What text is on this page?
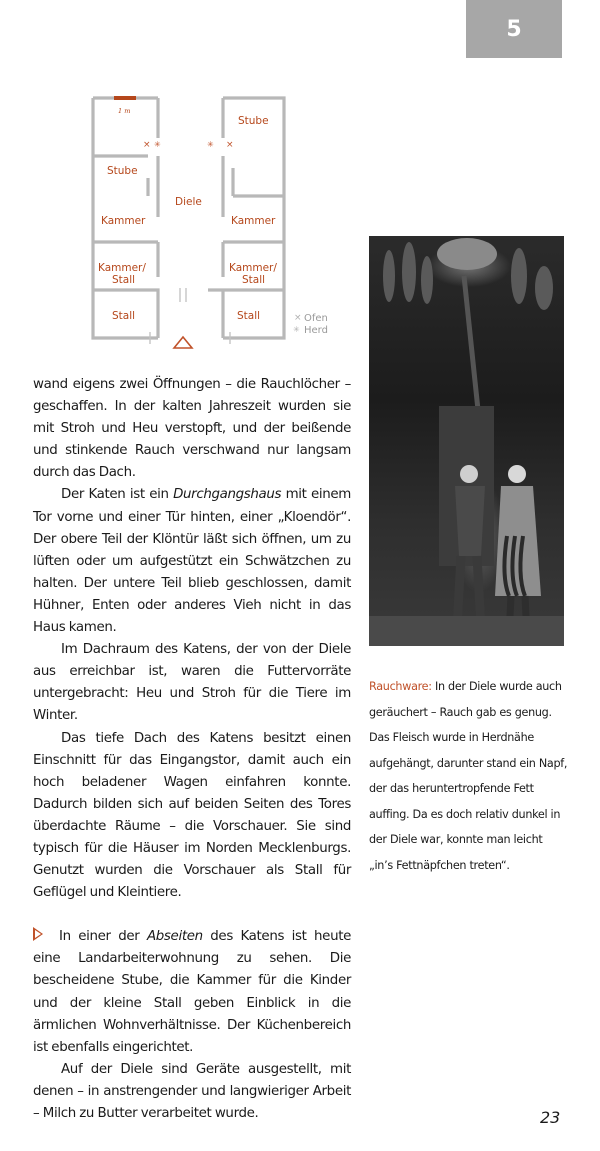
5
1 m
× ✳	✳ ×
Stube
Stube
Diele
Kammer	Kammer
Kammer/
Stall
Kammer/
Stall
Stall	Stall	× Ofen
✳ Herd

wand eigens zwei Öffnungen – die Rauchlöcher – geschaffen. In der kalten Jahreszeit wurden sie mit Stroh und Heu verstopft, und der beißende und stinkende Rauch verschwand nur langsam durch das Dach.

Der Katen ist ein Durchgangshaus mit einem Tor vorne und einer Tür hinten, einer „Kloendör“. Der obere Teil der Klöntür läßt sich öffnen, um zu lüften oder um aufgestützt ein Schwätzchen zu halten. Der untere Teil blieb geschlossen, damit Hühner, Enten oder anderes Vieh nicht in das Haus kamen.

Im Dachraum des Katens, der von der Diele aus erreichbar ist, waren die Futtervorräte untergebracht: Heu und Stroh für die Tiere im Winter.

Das tiefe Dach des Katens besitzt einen Einschnitt für das Eingangstor, damit auch ein hoch beladener Wagen einfahren konnte. Dadurch bilden sich auf beiden Seiten des Tores überdachte Räume – die Vorschauer. Sie sind typisch für die Häuser im Norden Mecklenburgs. Genutzt wurden die Vorschauer als Stall für Geflügel und Kleintiere.

In einer der Abseiten des Katens ist heute eine Landarbeiterwohnung zu sehen. Die bescheidene Stube, die Kammer für die Kinder und der kleine Stall geben Einblick in die ärmlichen Wohnverhältnisse. Der Küchenbereich ist ebenfalls eingerichtet.

Auf der Diele sind Geräte ausgestellt, mit denen – in anstrengender und langwieriger Arbeit – Milch zu Butter verarbeitet wurde.

Rauchware: In der Diele wurde auch geräuchert – Rauch gab es genug. Das Fleisch wurde in Herdnähe aufgehängt, darunter stand ein Napf, der das heruntertropfende Fett auffing. Da es doch relativ dunkel in der Diele war, konnte man leicht „in’s Fettnäpfchen treten“.
23
